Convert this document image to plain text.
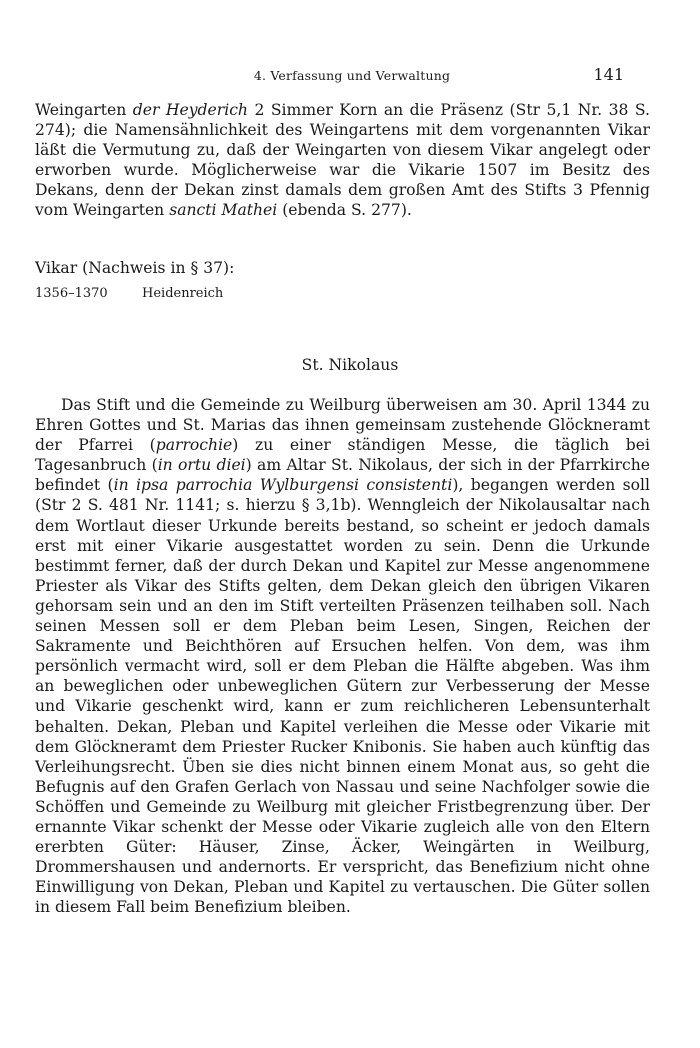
4. Verfassung und Verwaltung	141

Weingarten der Heyderich 2 Simmer Korn an die Präsenz (Str 5,1 Nr. 38 S. 274); die Namensähnlichkeit des Weingartens mit dem vorgenannten Vikar läßt die Vermutung zu, daß der Weingarten von diesem Vikar angelegt oder erworben wurde. Möglicherweise war die Vikarie 1507 im Besitz des Dekans, denn der Dekan zinst damals dem großen Amt des Stifts 3 Pfennig vom Weingarten sancti Mathei (ebenda S. 277).

Vikar (Nachweis in § 37):

1356–1370	Heidenreich

St. Nikolaus

Das Stift und die Gemeinde zu Weilburg überweisen am 30. April 1344 zu Ehren Gottes und St. Marias das ihnen gemeinsam zustehende Glöckneramt der Pfarrei (parrochie) zu einer ständigen Messe, die täglich bei Tagesanbruch (in ortu diei) am Altar St. Nikolaus, der sich in der Pfarrkirche befindet (in ipsa parrochia Wylburgensi consistenti), begangen werden soll (Str 2 S. 481 Nr. 1141; s. hierzu § 3,1b). Wenngleich der Nikolausaltar nach dem Wortlaut dieser Urkunde bereits bestand, so scheint er jedoch damals erst mit einer Vikarie ausgestattet worden zu sein. Denn die Urkunde bestimmt ferner, daß der durch Dekan und Kapitel zur Messe angenommene Priester als Vikar des Stifts gelten, dem Dekan gleich den übrigen Vikaren gehorsam sein und an den im Stift verteilten Präsenzen teilhaben soll. Nach seinen Messen soll er dem Pleban beim Lesen, Singen, Reichen der Sakramente und Beichthören auf Ersuchen helfen. Von dem, was ihm persönlich vermacht wird, soll er dem Pleban die Hälfte abgeben. Was ihm an beweglichen oder unbeweglichen Gütern zur Verbesserung der Messe und Vikarie geschenkt wird, kann er zum reichlicheren Lebensunterhalt behalten. Dekan, Pleban und Kapitel verleihen die Messe oder Vikarie mit dem Glöckneramt dem Priester Rucker Knibonis. Sie haben auch künftig das Verleihungsrecht. Üben sie dies nicht binnen einem Monat aus, so geht die Befugnis auf den Grafen Gerlach von Nassau und seine Nachfolger sowie die Schöffen und Gemeinde zu Weilburg mit gleicher Fristbegrenzung über. Der ernannte Vikar schenkt der Messe oder Vikarie zugleich alle von den Eltern ererbten Güter: Häuser, Zinse, Äcker, Weingärten in Weilburg, Drommershausen und andernorts. Er verspricht, das Benefizium nicht ohne Einwilligung von Dekan, Pleban und Kapitel zu vertauschen. Die Güter sollen in diesem Fall beim Benefizium bleiben.
